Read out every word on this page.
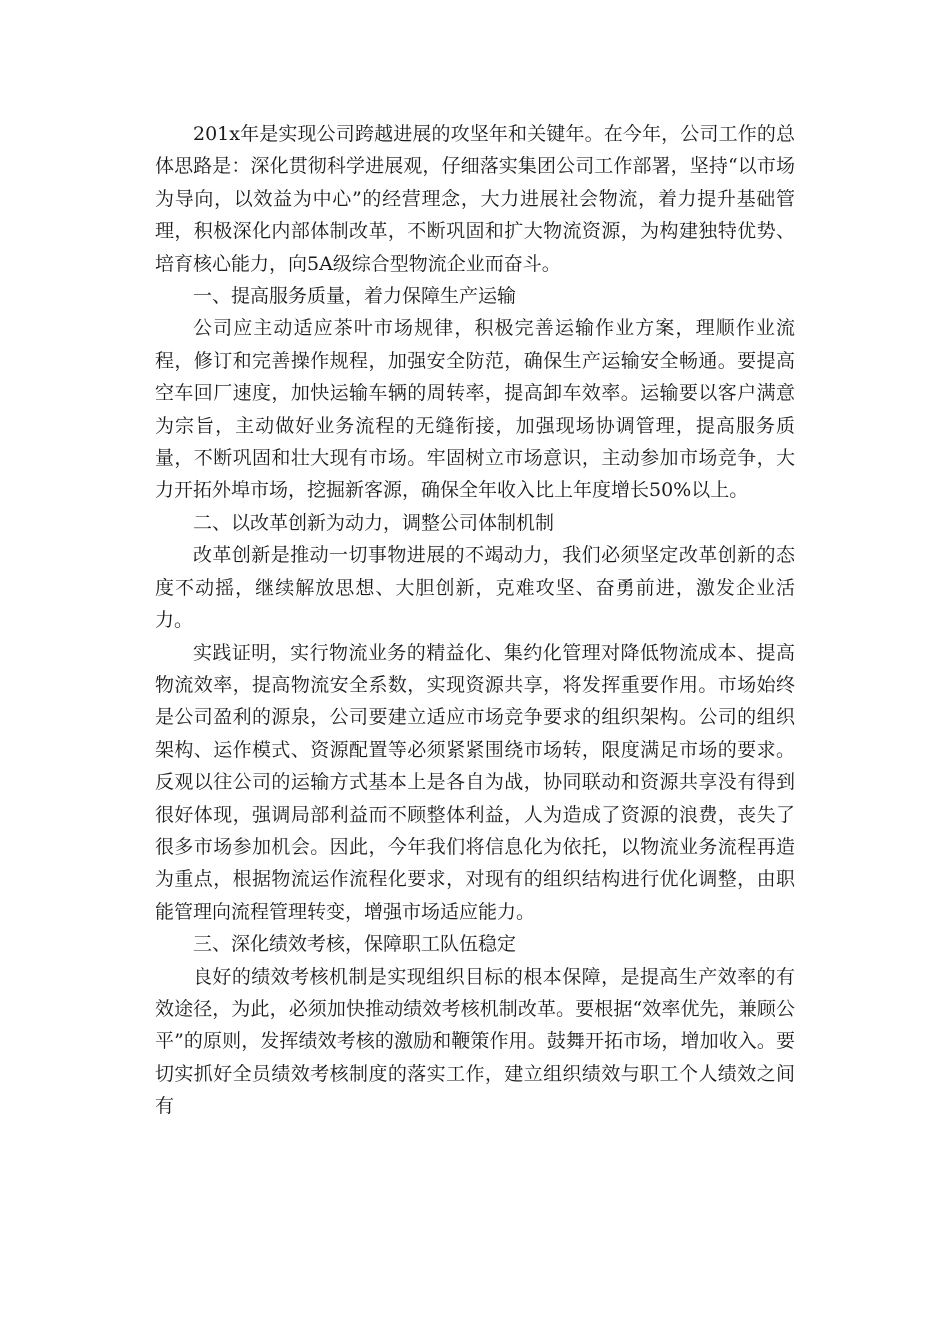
201x年是实现公司跨越进展的攻坚年和关键年。在今年，公司工作的总体思路是：深化贯彻科学进展观，仔细落实集团公司工作部署，坚持“以市场为导向，以效益为中心”的经营理念，大力进展社会物流，着力提升基础管理，积极深化内部体制改革，不断巩固和扩大物流资源，为构建独特优势、培育核心能力，向5A级综合型物流企业而奋斗。

一、提高服务质量，着力保障生产运输

公司应主动适应茶叶市场规律，积极完善运输作业方案，理顺作业流程，修订和完善操作规程，加强安全防范，确保生产运输安全畅通。要提高空车回厂速度，加快运输车辆的周转率，提高卸车效率。运输要以客户满意为宗旨，主动做好业务流程的无缝衔接，加强现场协调管理，提高服务质量，不断巩固和壮大现有市场。牢固树立市场意识，主动参加市场竞争，大力开拓外埠市场，挖掘新客源，确保全年收入比上年度增长50%以上。

二、以改革创新为动力，调整公司体制机制

改革创新是推动一切事物进展的不竭动力，我们必须坚定改革创新的态度不动摇，继续解放思想、大胆创新，克难攻坚、奋勇前进，激发企业活力。

实践证明，实行物流业务的精益化、集约化管理对降低物流成本、提高物流效率，提高物流安全系数，实现资源共享，将发挥重要作用。市场始终是公司盈利的源泉，公司要建立适应市场竞争要求的组织架构。公司的组织架构、运作模式、资源配置等必须紧紧围绕市场转，限度满足市场的要求。反观以往公司的运输方式基本上是各自为战，协同联动和资源共享没有得到很好体现，强调局部利益而不顾整体利益，人为造成了资源的浪费，丧失了很多市场参加机会。因此，今年我们将信息化为依托，以物流业务流程再造为重点，根据物流运作流程化要求，对现有的组织结构进行优化调整，由职能管理向流程管理转变，增强市场适应能力。

三、深化绩效考核，保障职工队伍稳定

良好的绩效考核机制是实现组织目标的根本保障，是提高生产效率的有效途径，为此，必须加快推动绩效考核机制改革。要根据“效率优先，兼顾公平”的原则，发挥绩效考核的激励和鞭策作用。鼓舞开拓市场，增加收入。要切实抓好全员绩效考核制度的落实工作，建立组织绩效与职工个人绩效之间有
